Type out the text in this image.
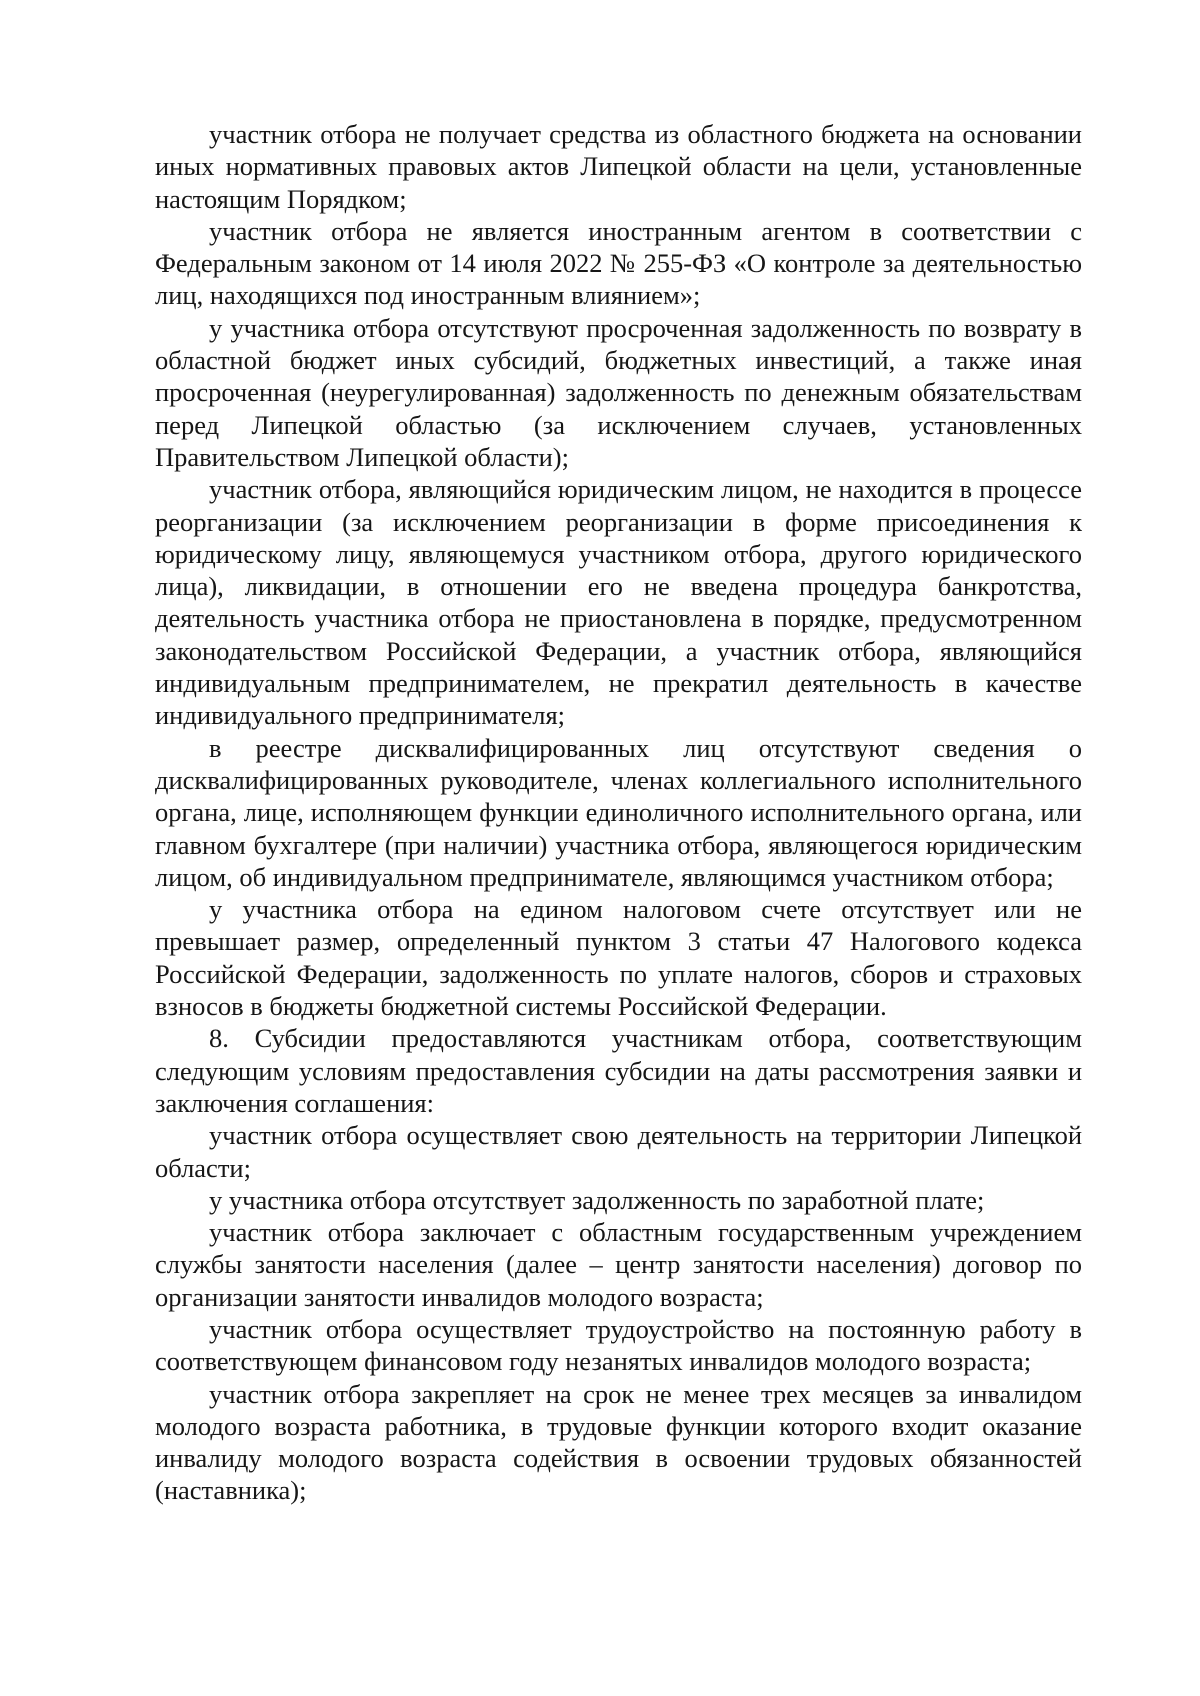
участник отбора не получает средства из областного бюджета на основании иных нормативных правовых актов Липецкой области на цели, установленные настоящим Порядком;

участник отбора не является иностранным агентом в соответствии с Федеральным законом от 14 июля 2022 № 255-ФЗ «О контроле за деятельностью лиц, находящихся под иностранным влиянием»;

у участника отбора отсутствуют просроченная задолженность по возврату в областной бюджет иных субсидий, бюджетных инвестиций, а также иная просроченная (неурегулированная) задолженность по денежным обязательствам перед Липецкой областью (за исключением случаев, установленных Правительством Липецкой области);

участник отбора, являющийся юридическим лицом, не находится в процессе реорганизации (за исключением реорганизации в форме присоединения к юридическому лицу, являющемуся участником отбора, другого юридического лица), ликвидации, в отношении его не введена процедура банкротства, деятельность участника отбора не приостановлена в порядке, предусмотренном законодательством Российской Федерации, а участник отбора, являющийся индивидуальным предпринимателем, не прекратил деятельность в качестве индивидуального предпринимателя;

в реестре дисквалифицированных лиц отсутствуют сведения о дисквалифицированных руководителе, членах коллегиального исполнительного органа, лице, исполняющем функции единоличного исполнительного органа, или главном бухгалтере (при наличии) участника отбора, являющегося юридическим лицом, об индивидуальном предпринимателе, являющимся участником отбора;

у участника отбора на едином налоговом счете отсутствует или не превышает размер, определенный пунктом 3 статьи 47 Налогового кодекса Российской Федерации, задолженность по уплате налогов, сборов и страховых взносов в бюджеты бюджетной системы Российской Федерации.

8. Субсидии предоставляются участникам отбора, соответствующим следующим условиям предоставления субсидии на даты рассмотрения заявки и заключения соглашения:

участник отбора осуществляет свою деятельность на территории Липецкой области;

у участника отбора отсутствует задолженность по заработной плате;

участник отбора заключает с областным государственным учреждением службы занятости населения (далее – центр занятости населения) договор по организации занятости инвалидов молодого возраста;

участник отбора осуществляет трудоустройство на постоянную работу в соответствующем финансовом году незанятых инвалидов молодого возраста;

участник отбора закрепляет на срок не менее трех месяцев за инвалидом молодого возраста работника, в трудовые функции которого входит оказание инвалиду молодого возраста содействия в освоении трудовых обязанностей (наставника);
